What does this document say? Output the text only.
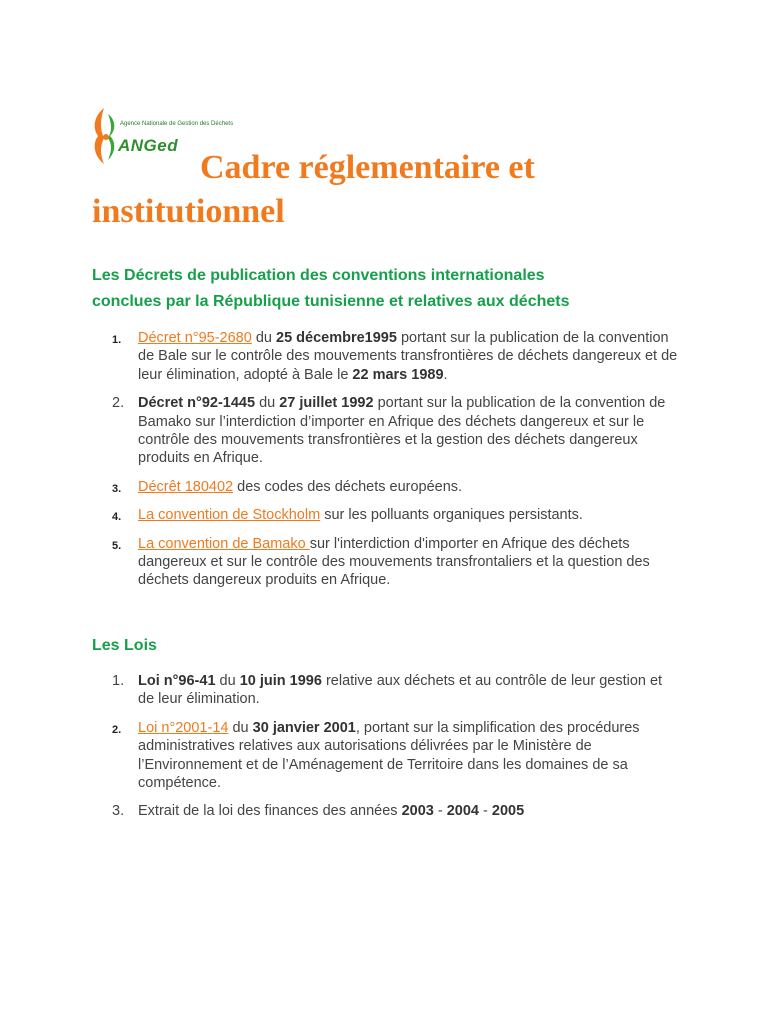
Agence Nationale de Gestion des Déchets
ANGed
Cadre réglementaire et
institutionnel
Les Décrets de publication des conventions internationales
conclues par la République tunisienne et relatives aux déchets
1. Décret n°95-2680 du 25 décembre1995 portant sur la publication de la convention de Bale sur le contrôle des mouvements transfrontières de déchets dangereux et de leur élimination, adopté à Bale le 22 mars 1989.
2. Décret n°92-1445 du 27 juillet 1992 portant sur la publication de la convention de Bamako sur l’interdiction d’importer en Afrique des déchets dangereux et sur le contrôle des mouvements transfrontières et la gestion des déchets dangereux produits en Afrique.
3. Décrêt 180402 des codes des déchets européens.
4. La convention de Stockholm sur les polluants organiques persistants.
5. La convention de Bamako sur l'interdiction d'importer en Afrique des déchets dangereux et sur le contrôle des mouvements transfrontaliers et la question des déchets dangereux produits en Afrique.
Les Lois
1. Loi n°96-41 du 10 juin 1996 relative aux déchets et au contrôle de leur gestion et de leur élimination.
2. Loi n°2001-14 du 30 janvier 2001, portant sur la simplification des procédures administratives relatives aux autorisations délivrées par le Ministère de l’Environnement et de l’Aménagement de Territoire dans les domaines de sa compétence.
3. Extrait de la loi des finances des années 2003 - 2004 - 2005
